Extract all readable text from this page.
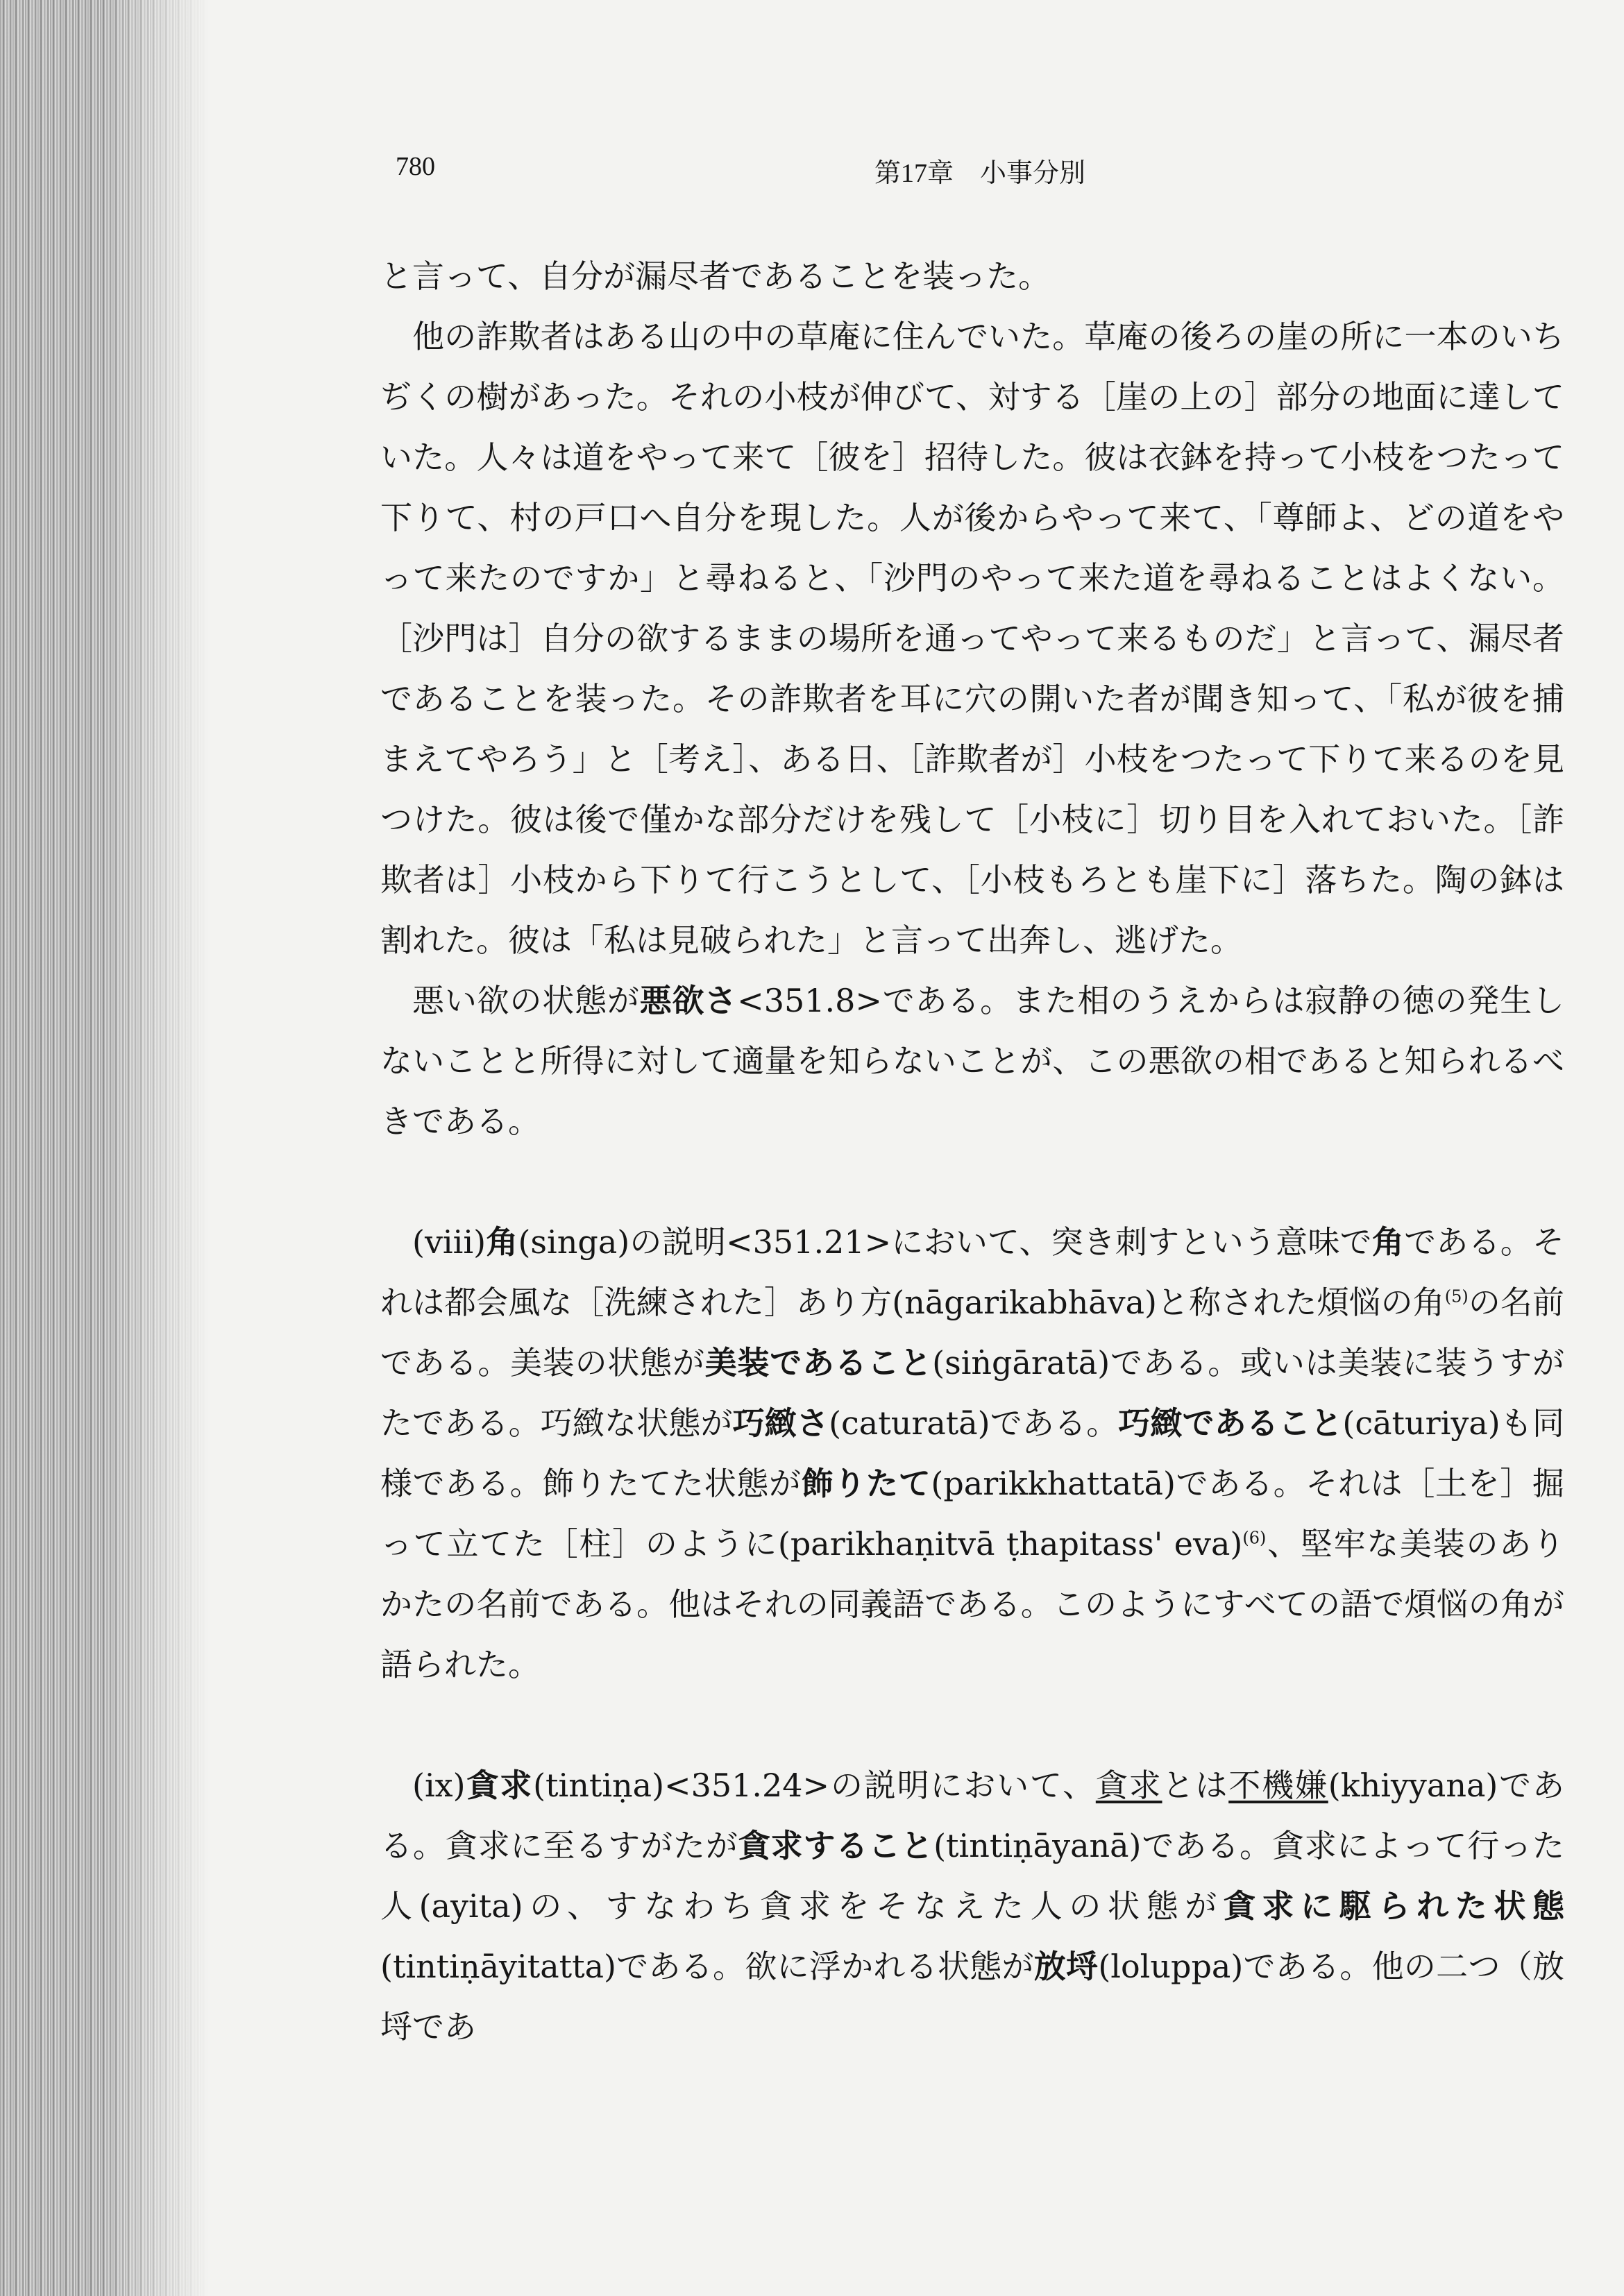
780	第17章　小事分別

と言って、自分が漏尽者であることを装った。

他の詐欺者はある山の中の草庵に住んでいた。草庵の後ろの崖の所に一本のいちぢくの樹があった。それの小枝が伸びて、対する［崖の上の］部分の地面に達していた。人々は道をやって来て［彼を］招待した。彼は衣鉢を持って小枝をつたって下りて、村の戸口へ自分を現した。人が後からやって来て、「尊師よ、どの道をやって来たのですか」と尋ねると、「沙門のやって来た道を尋ねることはよくない。［沙門は］自分の欲するままの場所を通ってやって来るものだ」と言って、漏尽者であることを装った。その詐欺者を耳に穴の開いた者が聞き知って、「私が彼を捕まえてやろう」と［考え］、ある日、［詐欺者が］小枝をつたって下りて来るのを見つけた。彼は後で僅かな部分だけを残して［小枝に］切り目を入れておいた。［詐欺者は］小枝から下りて行こうとして、［小枝もろとも崖下に］落ちた。陶の鉢は割れた。彼は「私は見破られた」と言って出奔し、逃げた。

悪い欲の状態が悪欲さ<351.8>である。また相のうえからは寂静の徳の発生しないことと所得に対して適量を知らないことが、この悪欲の相であると知られるべきである。

(viii)角(singa)の説明<351.21>において、突き刺すという意味で角である。それは都会風な［洗練された］あり方(nāgarikabhāva)と称された煩悩の角$^{(5)}$の名前である。美装の状態が美装であること(siṅgāratā)である。或いは美装に装うすがたである。巧緻な状態が巧緻さ(caturatā)である。巧緻であること(cāturiya)も同様である。飾りたてた状態が飾りたて(parikkhattatā)である。それは［土を］掘って立てた［柱］のように(parikhaṇitvā ṭhapitass' eva)$^{(6)}$、堅牢な美装のありかたの名前である。他はそれの同義語である。このようにすべての語で煩悩の角が語られた。

(ix)貪求(tintiṇa)<351.24>の説明において、貪求とは不機嫌(khiyyana)である。貪求に至るすがたが貪求すること(tintiṇāyanā)である。貪求によって行った人(ayita)の、すなわち貪求をそなえた人の状態が貪求に駆られた状態(tintiṇāyitatta)である。欲に浮かれる状態が放埒(loluppa)である。他の二つ（放埒であ
